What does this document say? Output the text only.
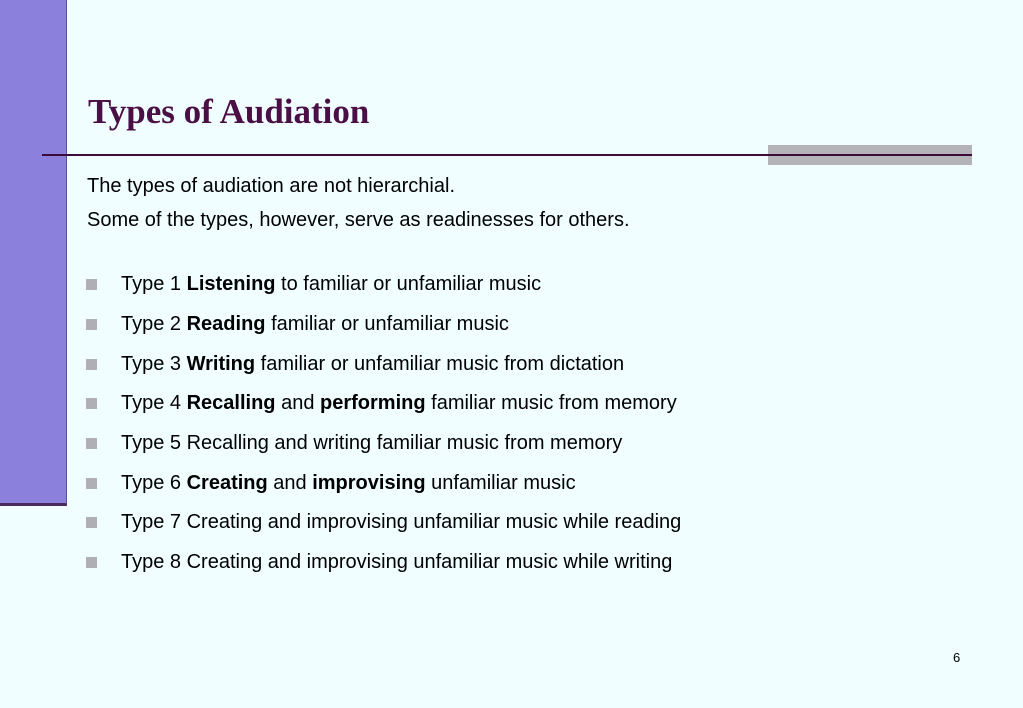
Types of Audiation

The types of audiation are not hierarchial.

Some of the types, however, serve as readinesses for others.

Type 1 Listening to familiar or unfamiliar music
Type 2 Reading familiar or unfamiliar music
Type 3 Writing familiar or unfamiliar music from dictation
Type 4 Recalling and performing familiar music from memory
Type 5 Recalling and writing familiar music from memory
Type 6 Creating and improvising unfamiliar music
Type 7 Creating and improvising unfamiliar music while reading
Type 8 Creating and improvising unfamiliar music while writing
6
